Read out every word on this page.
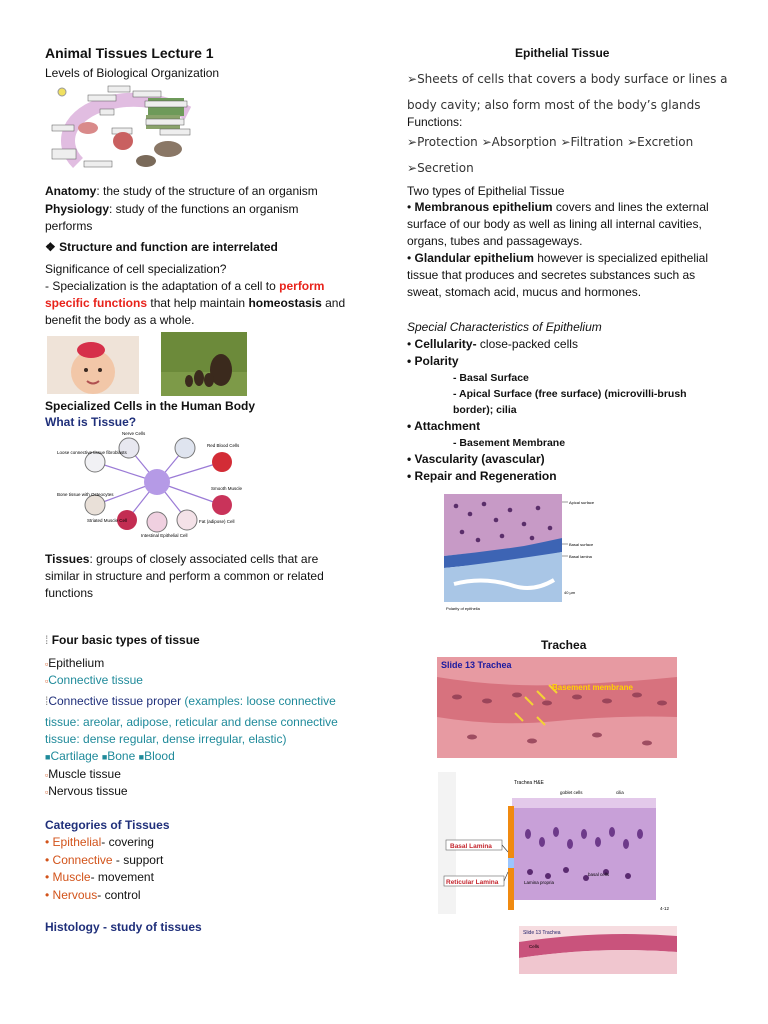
Animal Tissues Lecture 1
Levels of Biological Organization
Anatomy: the study of the structure of an organism
Physiology: study of the functions an organism
performs
❖ Structure and function are interrelated
Significance of cell specialization?
- Specialization is the adaptation of a cell to perform
specific functions that help maintain homeostasis and
benefit the body as a whole.
Specialized Cells in the Human Body
What is Tissue?
Nerve Cells
Loose connective tissue fibroblasts
Red Blood Cells
Smooth Muscle
Bone tissue with Osteocytes
Striated Muscle Cell
Intestinal Epithelial Cell
Fat (adipose) Cell
Tissues: groups of closely associated cells that are
similar in structure and perform a common or related
functions
⁞ Four basic types of tissue
▫Epithelium
▫Connective tissue
⁞Connective tissue proper (examples: loose connective
tissue: areolar, adipose, reticular and dense connective
tissue: dense regular, dense irregular, elastic)
■Cartilage ■Bone ■Blood
▫Muscle tissue
▫Nervous tissue
Categories of Tissues
• Epithelial- covering
• Connective - support
• Muscle- movement
• Nervous- control
Histology - study of tissues
Epithelial Tissue
➢Sheets of cells that covers a body surface or lines a
body cavity; also form most of the body’s glands
Functions:
➢Protection ➢Absorption ➢Filtration ➢Excretion
➢Secretion
Two types of Epithelial Tissue
• Membranous epithelium covers and lines the external
surface of our body as well as lining all internal cavities,
organs, tubes and passageways.
• Glandular epithelium however is specialized epithelial
tissue that produces and secretes substances such as
sweat, stomach acid, mucus and hormones.
Special Characteristics of Epithelium
• Cellularity- close-packed cells
• Polarity
- Basal Surface
- Apical Surface (free surface) (microvilli-brush
border); cilia
• Attachment
- Basement Membrane
• Vascularity (avascular)
• Repair and Regeneration
Apical surface
Basal surface
Basal lamina
Polarity of epithelia
40 µm
Trachea
Slide 13 Trachea
Basement membrane
Basal Lamina
Reticular Lamina
Trachea H&E
goblet cells	cilia
basal cells
Lamina propria
4-12
Slide 13 Trachea
Cells
